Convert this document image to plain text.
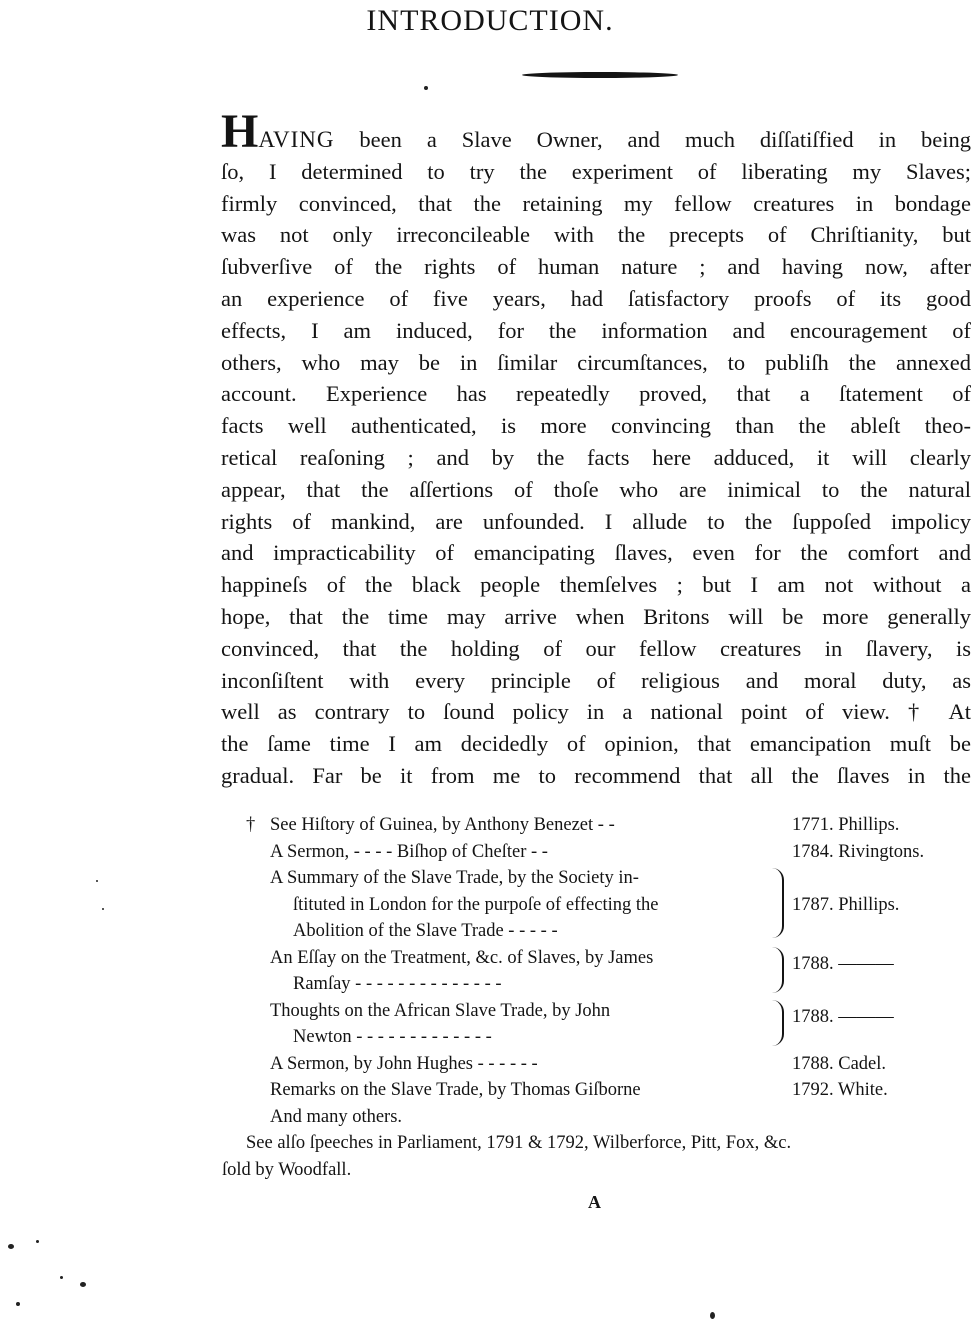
INTRODUCTION.
HAVING been a Slave Owner, and much diſſatiſfied in being
ſo, I determined to try the experiment of liberating my Slaves;
firmly convinced, that the retaining my fellow creatures in bondage
was not only irreconcileable with the precepts of Chriſtianity, but
ſubverſive of the rights of human nature ; and having now, after
an experience of five years, had ſatisfactory proofs of its good
effects, I am induced, for the information and encouragement of
others, who may be in ſimilar circumſtances, to publiſh the annexed
account. Experience has repeatedly proved, that a ſtatement of
facts well authenticated, is more convincing than the ableſt theo-
retical reaſoning ; and by the facts here adduced, it will clearly
appear, that the aſſertions of thoſe who are inimical to the natural
rights of mankind, are unfounded. I allude to the ſuppoſed impolicy
and impracticability of emancipating ſlaves, even for the comfort and
happineſs of the black people themſelves ; but I am not without a
hope, that the time may arrive when Britons will be more generally
convinced, that the holding of our fellow creatures in ſlavery, is
inconſiſtent with every principle of religious and moral duty, as
well as contrary to ſound policy in a national point of view. † At
the ſame time I am decidedly of opinion, that emancipation muſt be
gradual. Far be it from me to recommend that all the ſlaves in the
† See Hiſtory of Guinea, by Anthony Benezet - -	1771. Phillips.
A Sermon, - - - - Biſhop of Cheſter - -	1784. Rivingtons.
A Summary of the Slave Trade, by the Society in-
ſtituted in London for the purpoſe of effecting the	1787. Phillips.
Abolition of the Slave Trade - - - - -
An Eſſay on the Treatment, &c. of Slaves, by James	1788. ———
Ramſay - - - - - - - - - - - - - -
Thoughts on the African Slave Trade, by John	1788. ———
Newton - - - - - - - - - - - - -
A Sermon, by John Hughes - - - - - -	1788. Cadel.
Remarks on the Slave Trade, by Thomas Giſborne	1792. White.
And many others.
See alſo ſpeeches in Parliament, 1791 & 1792, Wilberforce, Pitt, Fox, &c.
ſold by Woodfall.
A
